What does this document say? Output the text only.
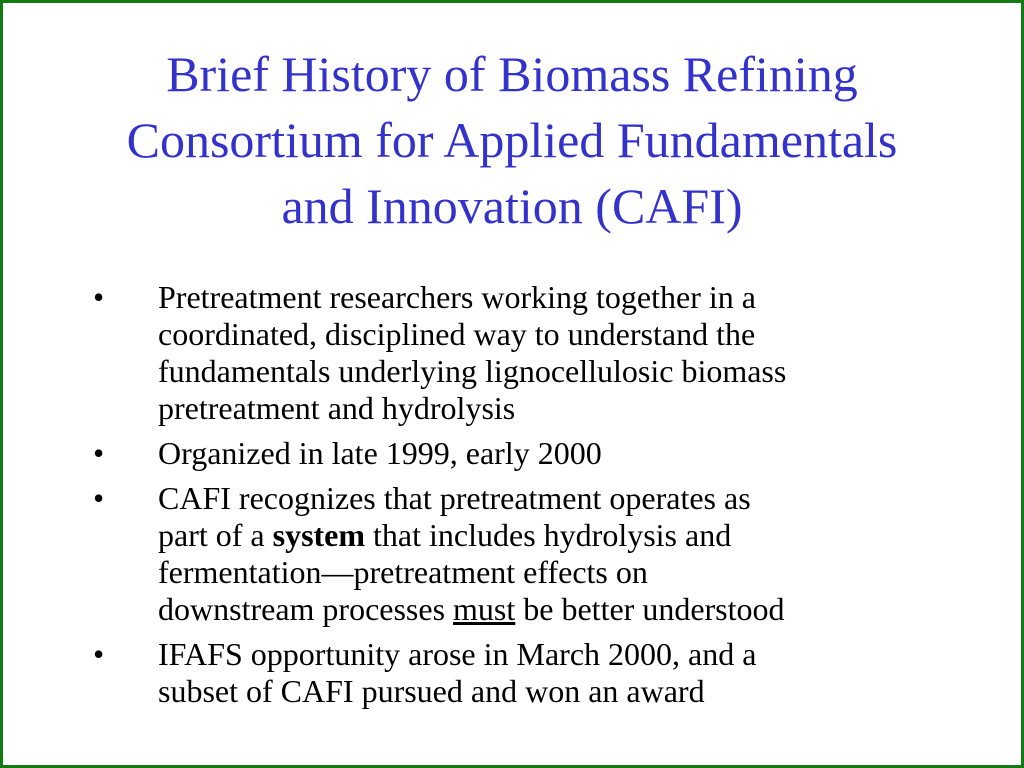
Brief History of Biomass Refining
Consortium for Applied Fundamentals
and Innovation (CAFI)
• Pretreatment researchers working together in a
coordinated, disciplined way to understand the
fundamentals underlying lignocellulosic biomass
pretreatment and hydrolysis
• Organized in late 1999, early 2000
• CAFI recognizes that pretreatment operates as
part of a system that includes hydrolysis and
fermentation—pretreatment effects on
downstream processes must be better understood
• IFAFS opportunity arose in March 2000, and a
subset of CAFI pursued and won an award
